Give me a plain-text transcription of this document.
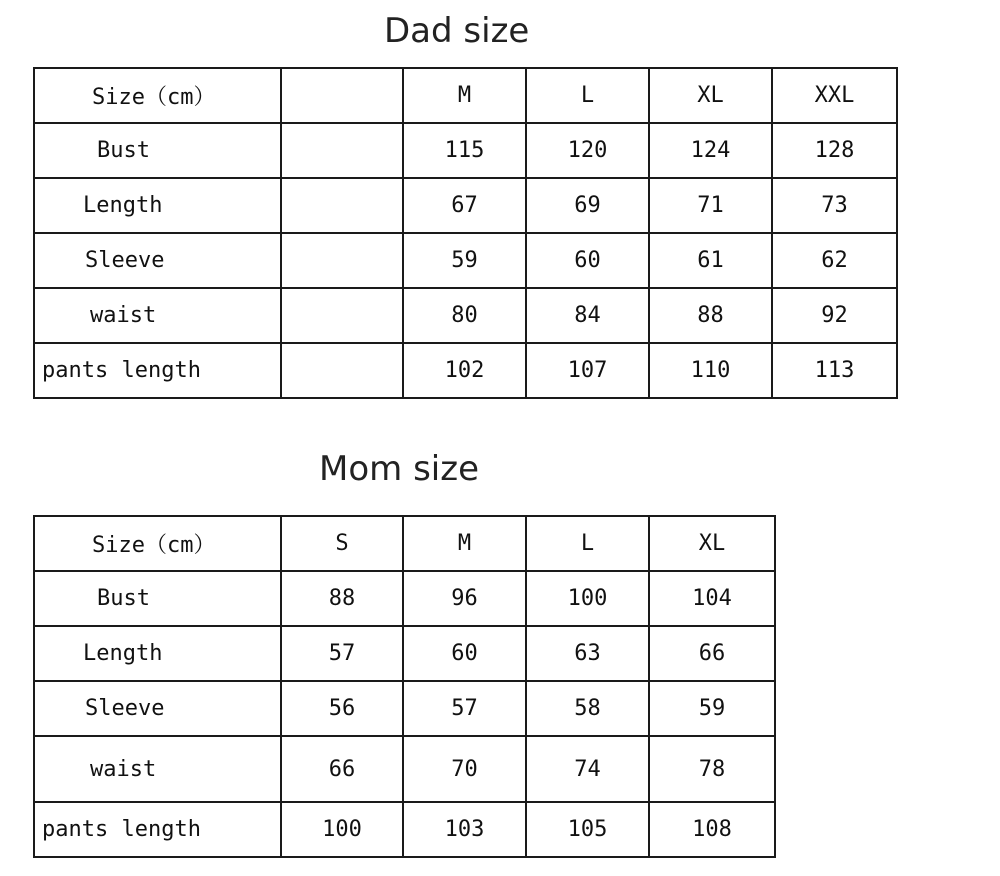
Dad size
Size（cm）		M	L	XL	XXL
Bust		115	120	124	128
Length		67	69	71	73
Sleeve		59	60	61	62
waist		80	84	88	92
pants length		102	107	110	113
Mom size
Size（cm）	S	M	L	XL
Bust	88	96	100	104
Length	57	60	63	66
Sleeve	56	57	58	59
waist	66	70	74	78
pants length	100	103	105	108
